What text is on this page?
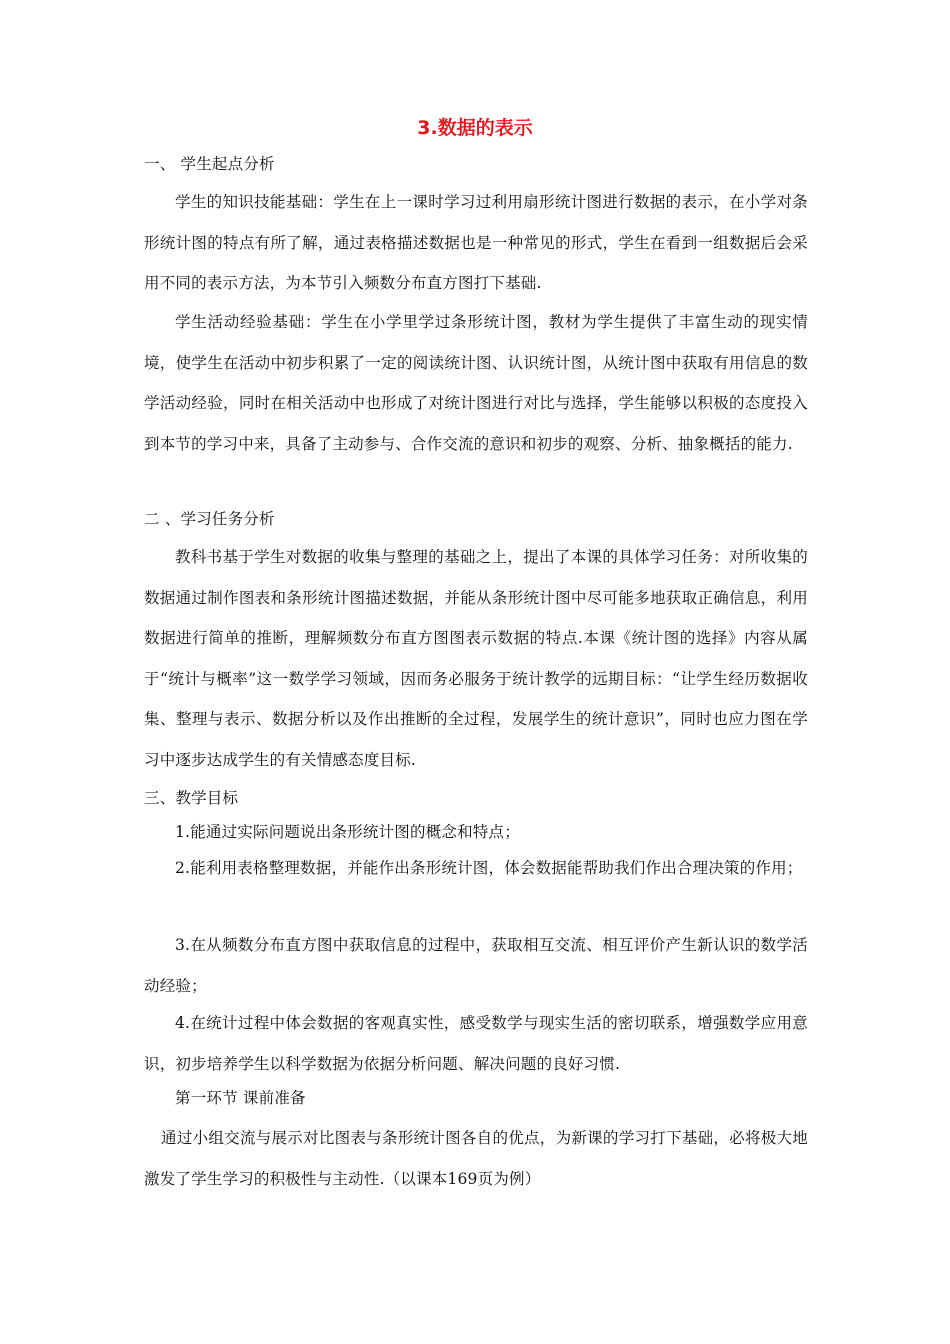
3.数据的表示
一、 学生起点分析
学生的知识技能基础：学生在上一课时学习过利用扇形统计图进行数据的表示，在小学对条形统计图的特点有所了解，通过表格描述数据也是一种常见的形式，学生在看到一组数据后会采用不同的表示方法，为本节引入频数分布直方图打下基础.
学生活动经验基础：学生在小学里学过条形统计图，教材为学生提供了丰富生动的现实情境，使学生在活动中初步积累了一定的阅读统计图、认识统计图，从统计图中获取有用信息的数学活动经验，同时在相关活动中也形成了对统计图进行对比与选择，学生能够以积极的态度投入到本节的学习中来，具备了主动参与、合作交流的意识和初步的观察、分析、抽象概括的能力.
二 、学习任务分析
教科书基于学生对数据的收集与整理的基础之上，提出了本课的具体学习任务：对所收集的数据通过制作图表和条形统计图描述数据，并能从条形统计图中尽可能多地获取正确信息，利用数据进行简单的推断，理解频数分布直方图图表示数据的特点.本课《统计图的选择》内容从属于“统计与概率”这一数学学习领域，因而务必服务于统计教学的远期目标：“让学生经历数据收集、整理与表示、数据分析以及作出推断的全过程，发展学生的统计意识”，同时也应力图在学习中逐步达成学生的有关情感态度目标.
三、教学目标
1.能通过实际问题说出条形统计图的概念和特点；
2.能利用表格整理数据，并能作出条形统计图，体会数据能帮助我们作出合理决策的作用；
3.在从频数分布直方图中获取信息的过程中，获取相互交流、相互评价产生新认识的数学活动经验；
4.在统计过程中体会数据的客观真实性，感受数学与现实生活的密切联系，增强数学应用意识，初步培养学生以科学数据为依据分析问题、解决问题的良好习惯.
第一环节 课前准备
通过小组交流与展示对比图表与条形统计图各自的优点，为新课的学习打下基础，必将极大地激发了学生学习的积极性与主动性.（以课本169页为例）
